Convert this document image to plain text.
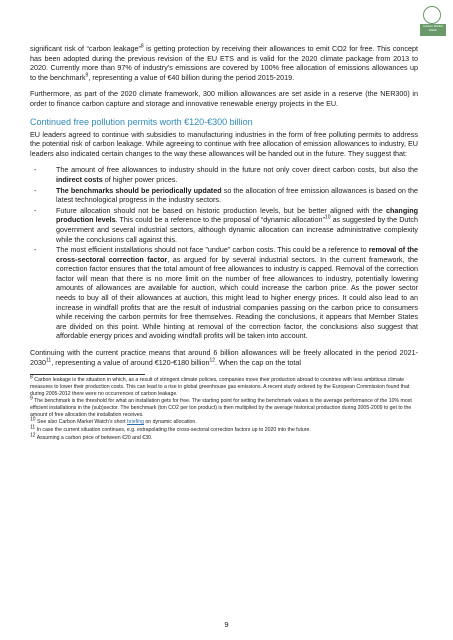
Carbon Market Watch

significant risk of “carbon leakage”$^8$ is getting protection by receiving their allowances to emit CO2 for free. This concept has been adopted during the previous revision of the EU ETS and is valid for the 2020 climate package from 2013 to 2020. Currently more than 97% of industry’s emissions are covered by 100% free allocation of emissions allowances up to the benchmark$^9$, representing a value of €40 billion during the period 2015-2019.

Furthermore, as part of the 2020 climate framework, 300 million allowances are set aside in a reserve (the NER300) in order to finance carbon capture and storage and innovative renewable energy projects in the EU.

Continued free pollution permits worth €120-€300 billion

EU leaders agreed to continue with subsidies to manufacturing industries in the form of free polluting permits to address the potential risk of carbon leakage. While agreeing to continue with free allocation of emission allowances to industry, EU leaders also indicated certain changes to the way these allowances will be handed out in the future. They suggest that:

-	The amount of free allowances to industry should in the future not only cover direct carbon costs, but also the indirect costs of higher power prices.
-	The benchmarks should be periodically updated so the allocation of free emission allowances is based on the latest technological progress in the industry sectors.
-	Future allocation should not be based on historic production levels, but be better aligned with the changing production levels. This could be a reference to the proposal of “dynamic allocation”$^{10}$ as suggested by the Dutch government and several industrial sectors, although dynamic allocation can increase administrative complexity while the conclusions call against this.
-	The most efficient installations should not face "undue" carbon costs. This could be a reference to removal of the cross-sectoral correction factor, as argued for by several industrial sectors. In the current framework, the correction factor ensures that the total amount of free allowances to industry is capped. Removal of the correction factor will mean that there is no more limit on the number of free allowances to industry, potentially lowering amounts of allowances are available for auction, which could increase the carbon price. As the power sector needs to buy all of their allowances at auction, this might lead to higher energy prices. It could also lead to an increase in windfall profits that are the result of industrial companies passing on the carbon price to consumers while receiving the carbon permits for free themselves. Reading the conclusions, it appears that Member States are divided on this point. While hinting at removal of the correction factor, the conclusions also suggest that affordable energy prices and avoiding windfall profits will be taken into account.

Continuing with the current practice means that around 6 billion allowances will be freely allocated in the period 2021-2030$^{11}$, representing a value of around €120-€180 billion$^{12}$. When the cap on the total

$^8$ Carbon leakage is the situation in which, as a result of stringent climate policies, companies move their production abroad to countries with less ambitious climate measures to lower their production costs. This can lead to a rise in global greenhouse gas emissions. A recent study ordered by the European Commission found that during 2005-2012 there were no occurrences of carbon leakage.

$^9$ The benchmark is the threshold for what an installation gets for free. The starting point for setting the benchmark values is the average performance of the 10% most efficient installations in the (sub)sector. The benchmark (ton CO2 per ton product) is then multiplied by the average historical production during 2005-2009 to get to the amount of free allocation the installation receives.

$^{10}$ See also Carbon Market Watch’s short briefing on dynamic allocation.

$^{11}$ In case the current situation continues, e.g. extrapolating the cross-sectoral correction factors up to 2020 into the future.

$^{12}$ Assuming a carbon price of between €20 and €30.

9
